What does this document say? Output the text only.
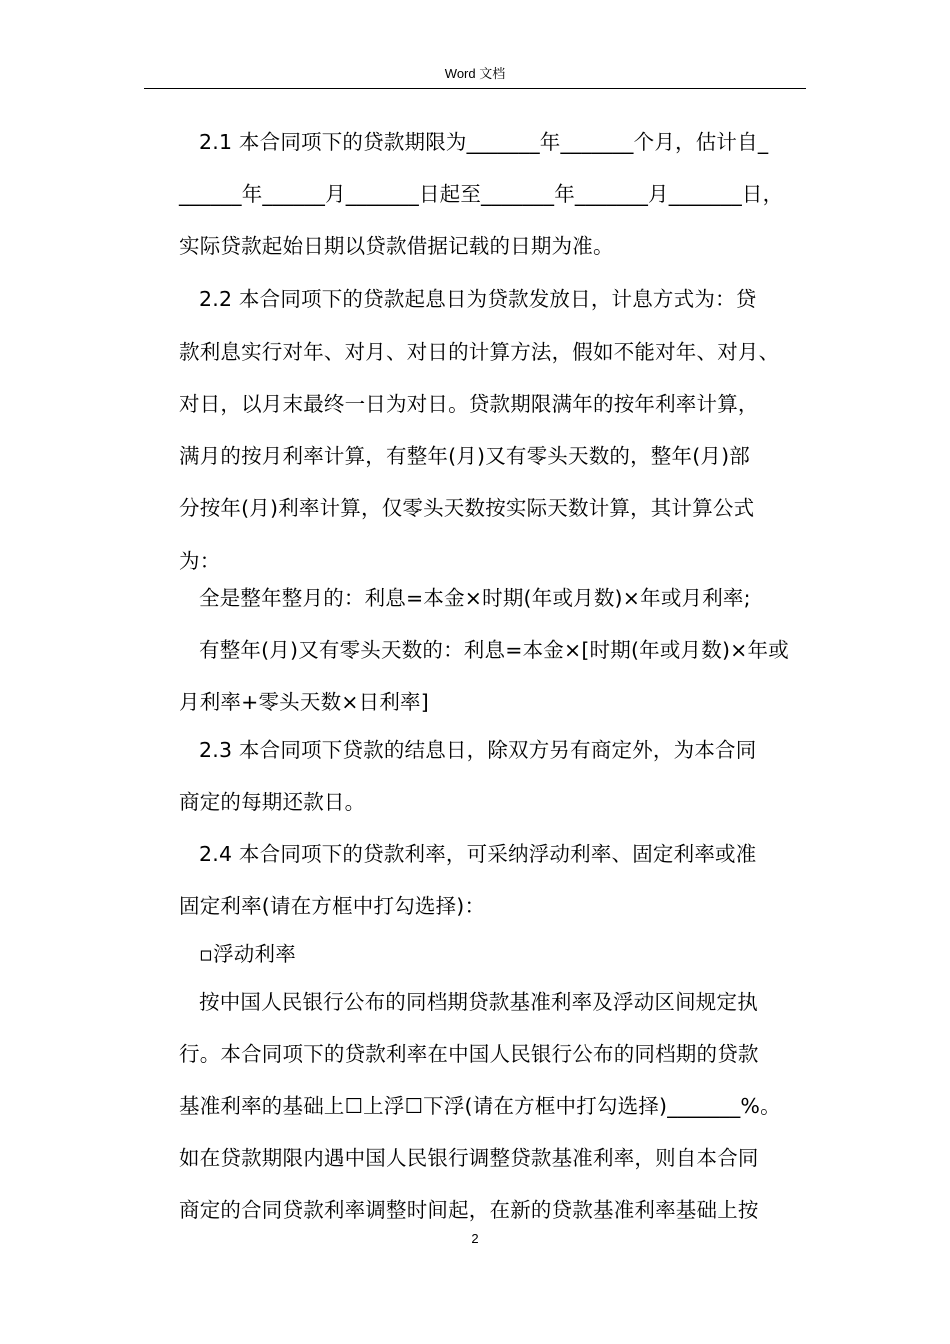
Word 文档
2.1 本合同项下的贷款期限为_______年_______个月，估计自_
______年______月_______日起至_______年_______月_______日，
实际贷款起始日期以贷款借据记载的日期为准。
2.2 本合同项下的贷款起息日为贷款发放日，计息方式为：贷
款利息实行对年、对月、对日的计算方法，假如不能对年、对月、
对日，以月末最终一日为对日。贷款期限满年的按年利率计算，
满月的按月利率计算，有整年(月)又有零头天数的，整年(月)部
分按年(月)利率计算，仅零头天数按实际天数计算，其计算公式
为：
全是整年整月的：利息=本金×时期(年或月数)×年或月利率;
有整年(月)又有零头天数的：利息=本金×[时期(年或月数)×年或
月利率+零头天数×日利率]
2.3 本合同项下贷款的结息日，除双方另有商定外，为本合同
商定的每期还款日。
2.4 本合同项下的贷款利率，可采纳浮动利率、固定利率或准
固定利率(请在方框中打勾选择)：
▫浮动利率
按中国人民银行公布的同档期贷款基准利率及浮动区间规定执
行。本合同项下的贷款利率在中国人民银行公布的同档期的贷款
基准利率的基础上☐上浮☐下浮(请在方框中打勾选择)_______%。
如在贷款期限内遇中国人民银行调整贷款基准利率，则自本合同
商定的合同贷款利率调整时间起，在新的贷款基准利率基础上按
2
